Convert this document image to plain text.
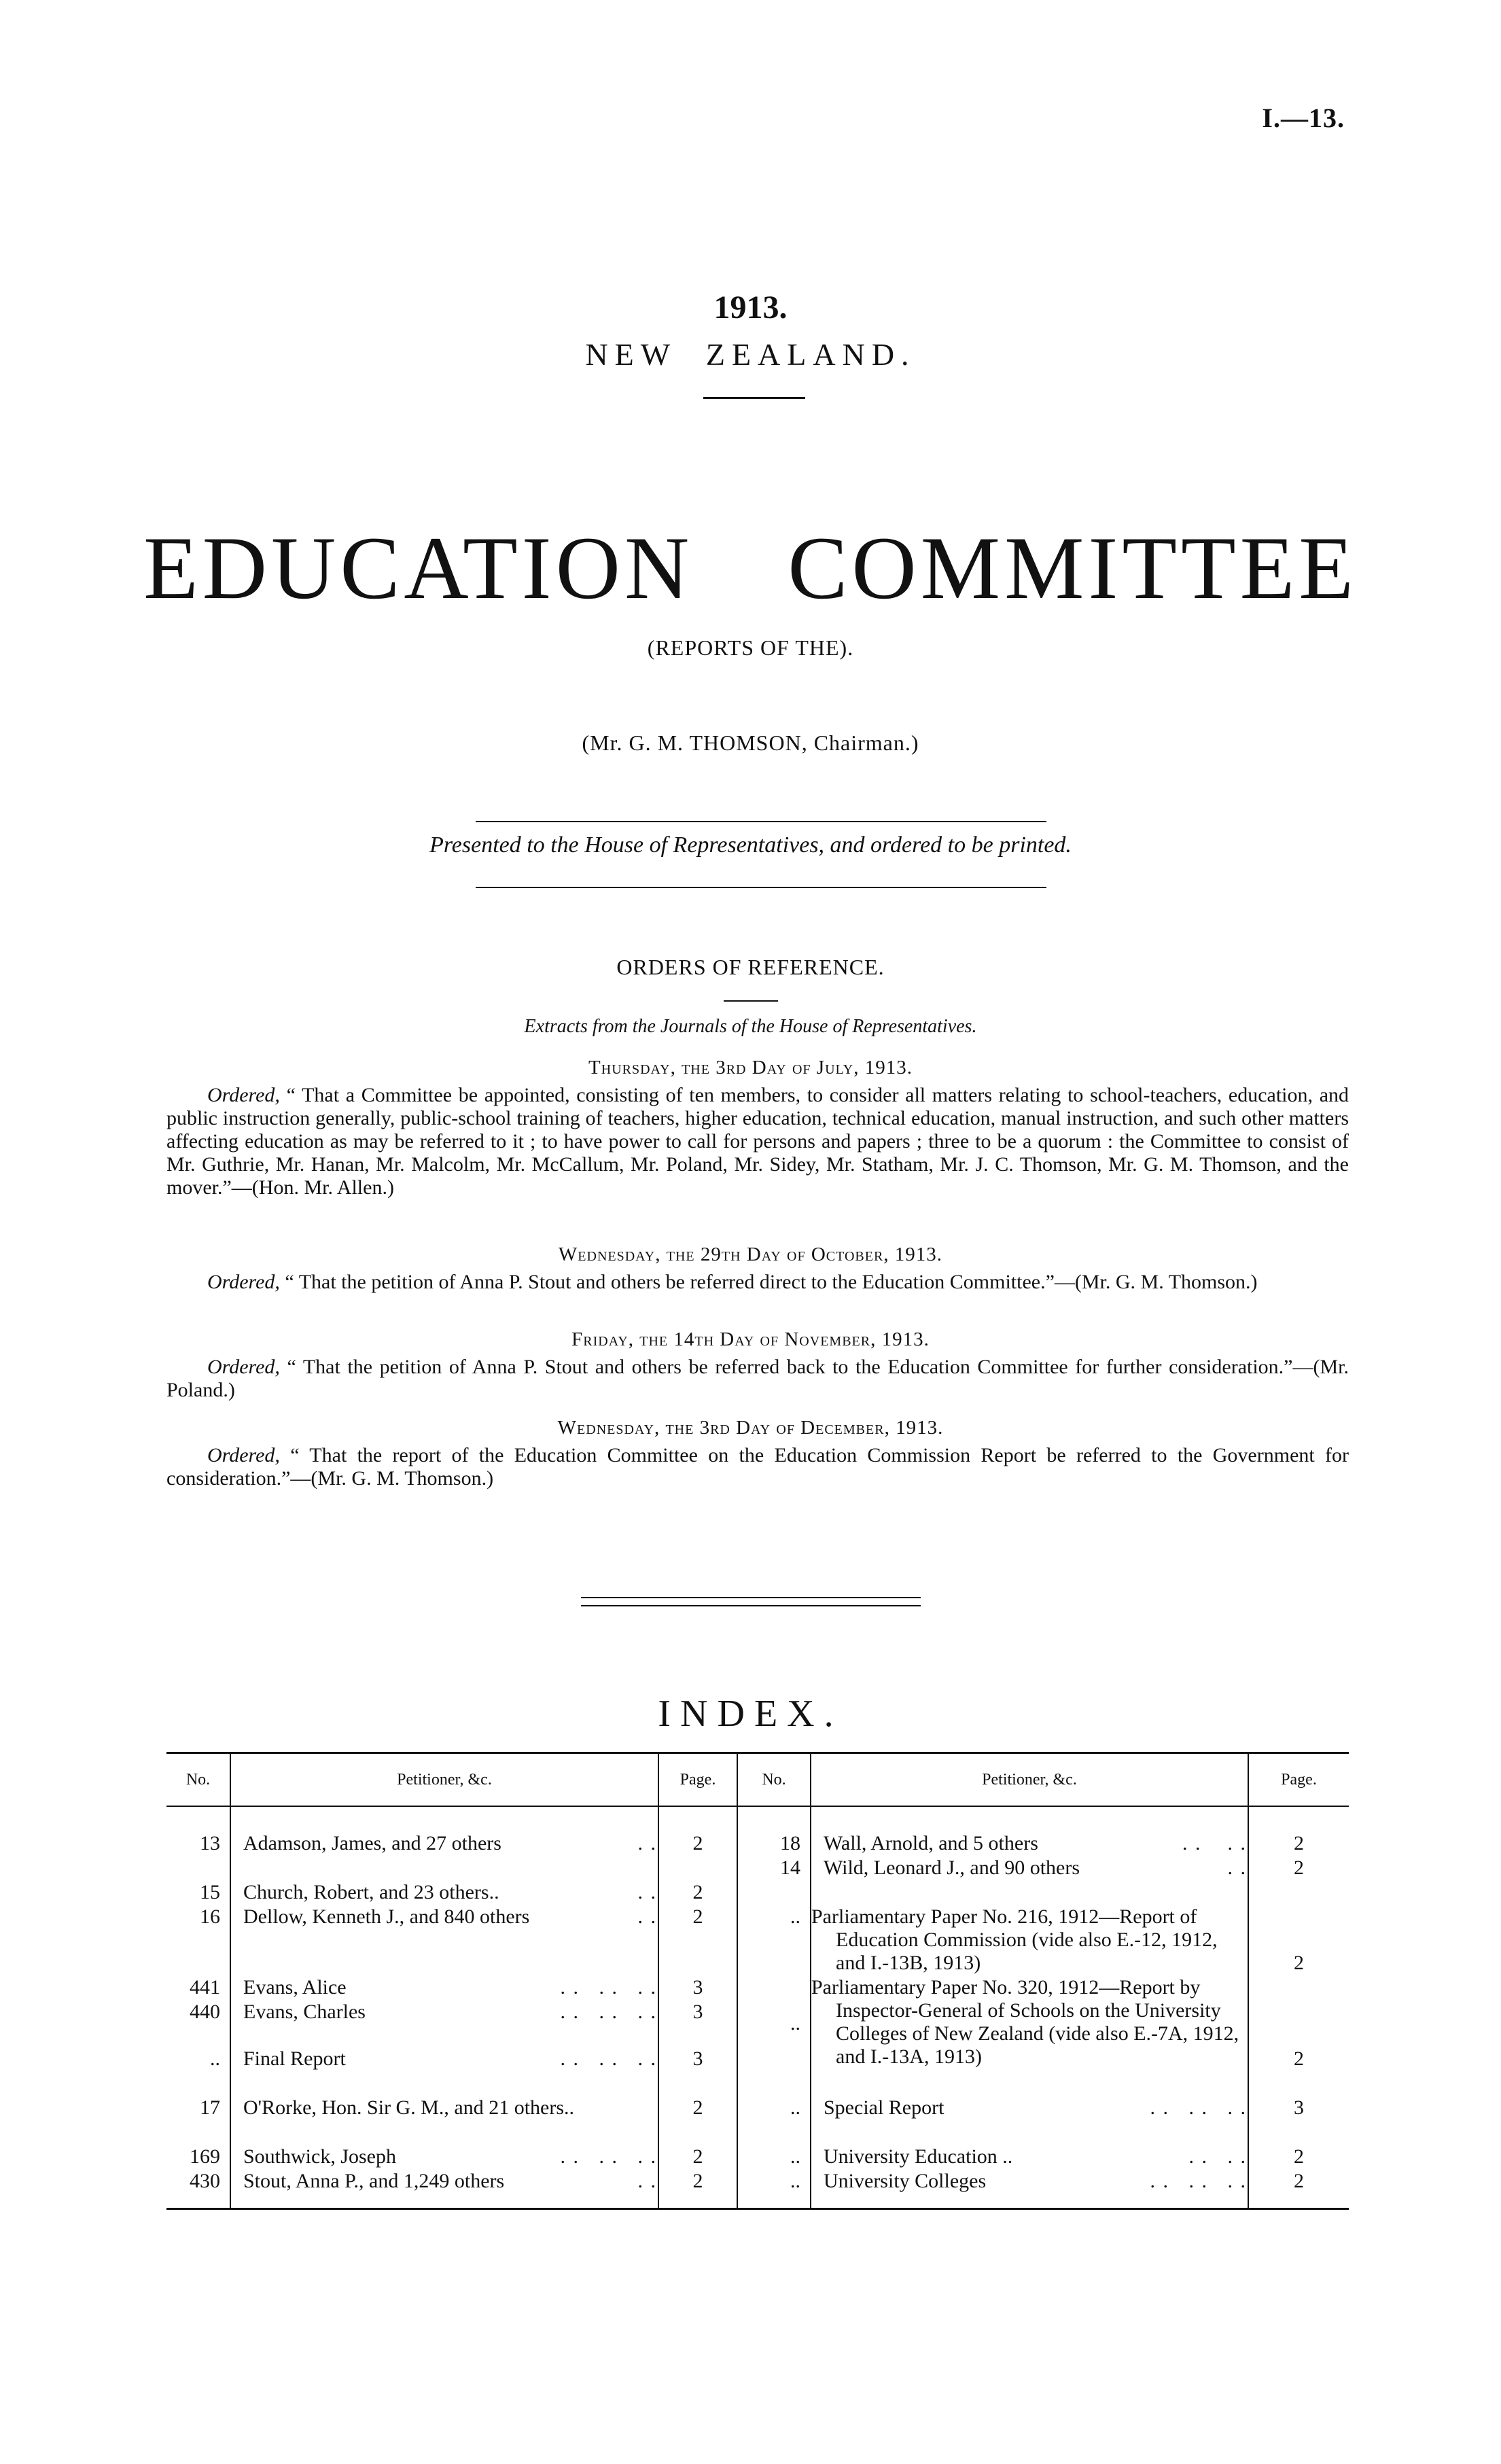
I.—13.
1913.
NEW ZEALAND.
EDUCATION COMMITTEE
(REPORTS OF THE).
(Mr. G. M. THOMSON, Chairman.)
Presented to the House of Representatives, and ordered to be printed.
ORDERS OF REFERENCE.
Extracts from the Journals of the House of Representatives.
Thursday, the 3rd Day of July, 1913.

Ordered, “ That a Committee be appointed, consisting of ten members, to consider all matters relating to school-teachers, education, and public instruction generally, public-school training of teachers, higher education, technical education, manual instruction, and such other matters affecting education as may be referred to it ; to have power to call for persons and papers ; three to be a quorum : the Committee to consist of Mr. Guthrie, Mr. Hanan, Mr. Malcolm, Mr. McCallum, Mr. Poland, Mr. Sidey, Mr. Statham, Mr. J. C. Thomson, Mr. G. M. Thomson, and the mover.”—(Hon. Mr. Allen.)

Wednesday, the 29th Day of October, 1913.

Ordered, “ That the petition of Anna P. Stout and others be referred direct to the Education Committee.”—(Mr. G. M. Thomson.)

Friday, the 14th Day of November, 1913.

Ordered, “ That the petition of Anna P. Stout and others be referred back to the Education Committee for further consideration.”—(Mr. Poland.)

Wednesday, the 3rd Day of December, 1913.

Ordered, “ That the report of the Education Committee on the Education Commission Report be referred to the Government for consideration.”—(Mr. G. M. Thomson.)

INDEX.
No.	Petitioner, &c.	Page.	No.	Petitioner, &c.	Page.

13	Adamson, James, and 27 others . .	2	18	Wall, Arnold, and 5 others . .    . .	2
			14	Wild, Leonard J., and 90 others . .	2
15	Church, Robert, and 23 others.. . .	2			
16	Dellow, Kenneth J., and 840 others . .	2	..	Parliamentary Paper No. 216, 1912—Report of Education Commission (vide also E.-12, 1912, and I.-13B, 1913)	2
441	Evans, Alice . .   . .   . .	3	..	Parliamentary Paper No. 320, 1912—Report by Inspector-General of Schools on the University Colleges of New Zealand (vide also E.-7A, 1912, and I.-13A, 1913)	2
440	Evans, Charles . .   . .   . .	3			
..	Final Report . .   . .   . .	3			

17	O'Rorke, Hon. Sir G. M., and 21 others..	2	..	Special Report . .   . .   . .	3

169	Southwick, Joseph . .   . .   . .	2	..	University Education .. . .   . .	2
430	Stout, Anna P., and 1,249 others . .	2	..	University Colleges . .   . .   . .	2
